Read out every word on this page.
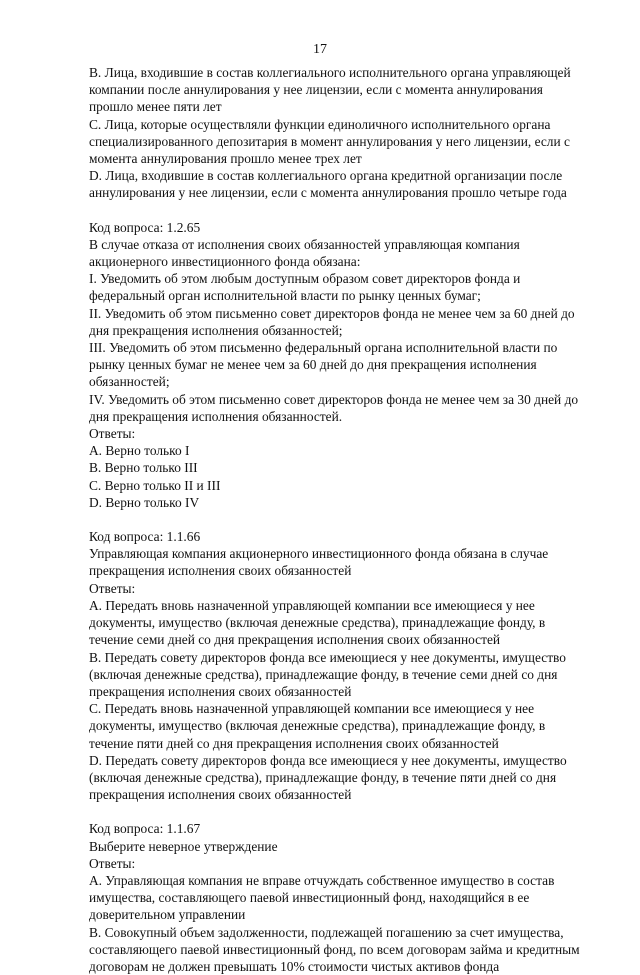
17

B. Лица, входившие в состав коллегиального исполнительного органа управляющей компании после аннулирования у нее лицензии, если с момента аннулирования прошло менее пяти лет

C. Лица, которые осуществляли функции единоличного исполнительного органа специализированного депозитария в момент аннулирования у него лицензии, если с момента аннулирования прошло менее трех лет

D. Лица, входившие в состав коллегиального органа кредитной организации после аннулирования у нее лицензии, если с момента аннулирования прошло четыре года

Код вопроса: 1.2.65

В случае отказа от исполнения своих обязанностей управляющая компания акционерного инвестиционного фонда обязана:

I. Уведомить об этом любым доступным образом совет директоров фонда и федеральный орган исполнительной власти по рынку ценных бумаг;

II. Уведомить об этом письменно совет директоров фонда не менее чем за 60 дней до дня прекращения исполнения обязанностей;

III. Уведомить об этом письменно федеральный органа исполнительной власти по рынку ценных бумаг не менее чем за 60 дней до дня прекращения исполнения обязанностей;

IV. Уведомить об этом письменно совет директоров фонда не менее чем за 30 дней до дня прекращения исполнения обязанностей.

Ответы:

A. Верно только I

B. Верно только III

C. Верно только II и III

D. Верно только IV

Код вопроса: 1.1.66

Управляющая компания акционерного инвестиционного фонда обязана в случае прекращения исполнения своих обязанностей

Ответы:

A. Передать вновь назначенной управляющей компании все имеющиеся у нее документы, имущество (включая денежные средства), принадлежащие фонду, в течение семи дней со дня прекращения исполнения своих обязанностей

B. Передать совету директоров фонда все имеющиеся у нее документы, имущество (включая денежные средства), принадлежащие фонду, в течение семи дней со дня прекращения исполнения своих обязанностей

C. Передать вновь назначенной управляющей компании все имеющиеся у нее документы, имущество (включая денежные средства), принадлежащие фонду, в течение пяти дней со дня прекращения исполнения своих обязанностей

D. Передать совету директоров фонда все имеющиеся у нее документы, имущество (включая денежные средства), принадлежащие фонду, в течение пяти дней со дня прекращения исполнения своих обязанностей

Код вопроса: 1.1.67

Выберите неверное утверждение

Ответы:

A. Управляющая компания не вправе отчуждать собственное имущество в состав имущества, составляющего паевой инвестиционный фонд, находящийся в ее доверительном управлении

B. Совокупный объем задолженности, подлежащей погашению за счет имущества, составляющего паевой инвестиционный фонд, по всем договорам займа и кредитным договорам не должен превышать 10% стоимости чистых активов фонда
